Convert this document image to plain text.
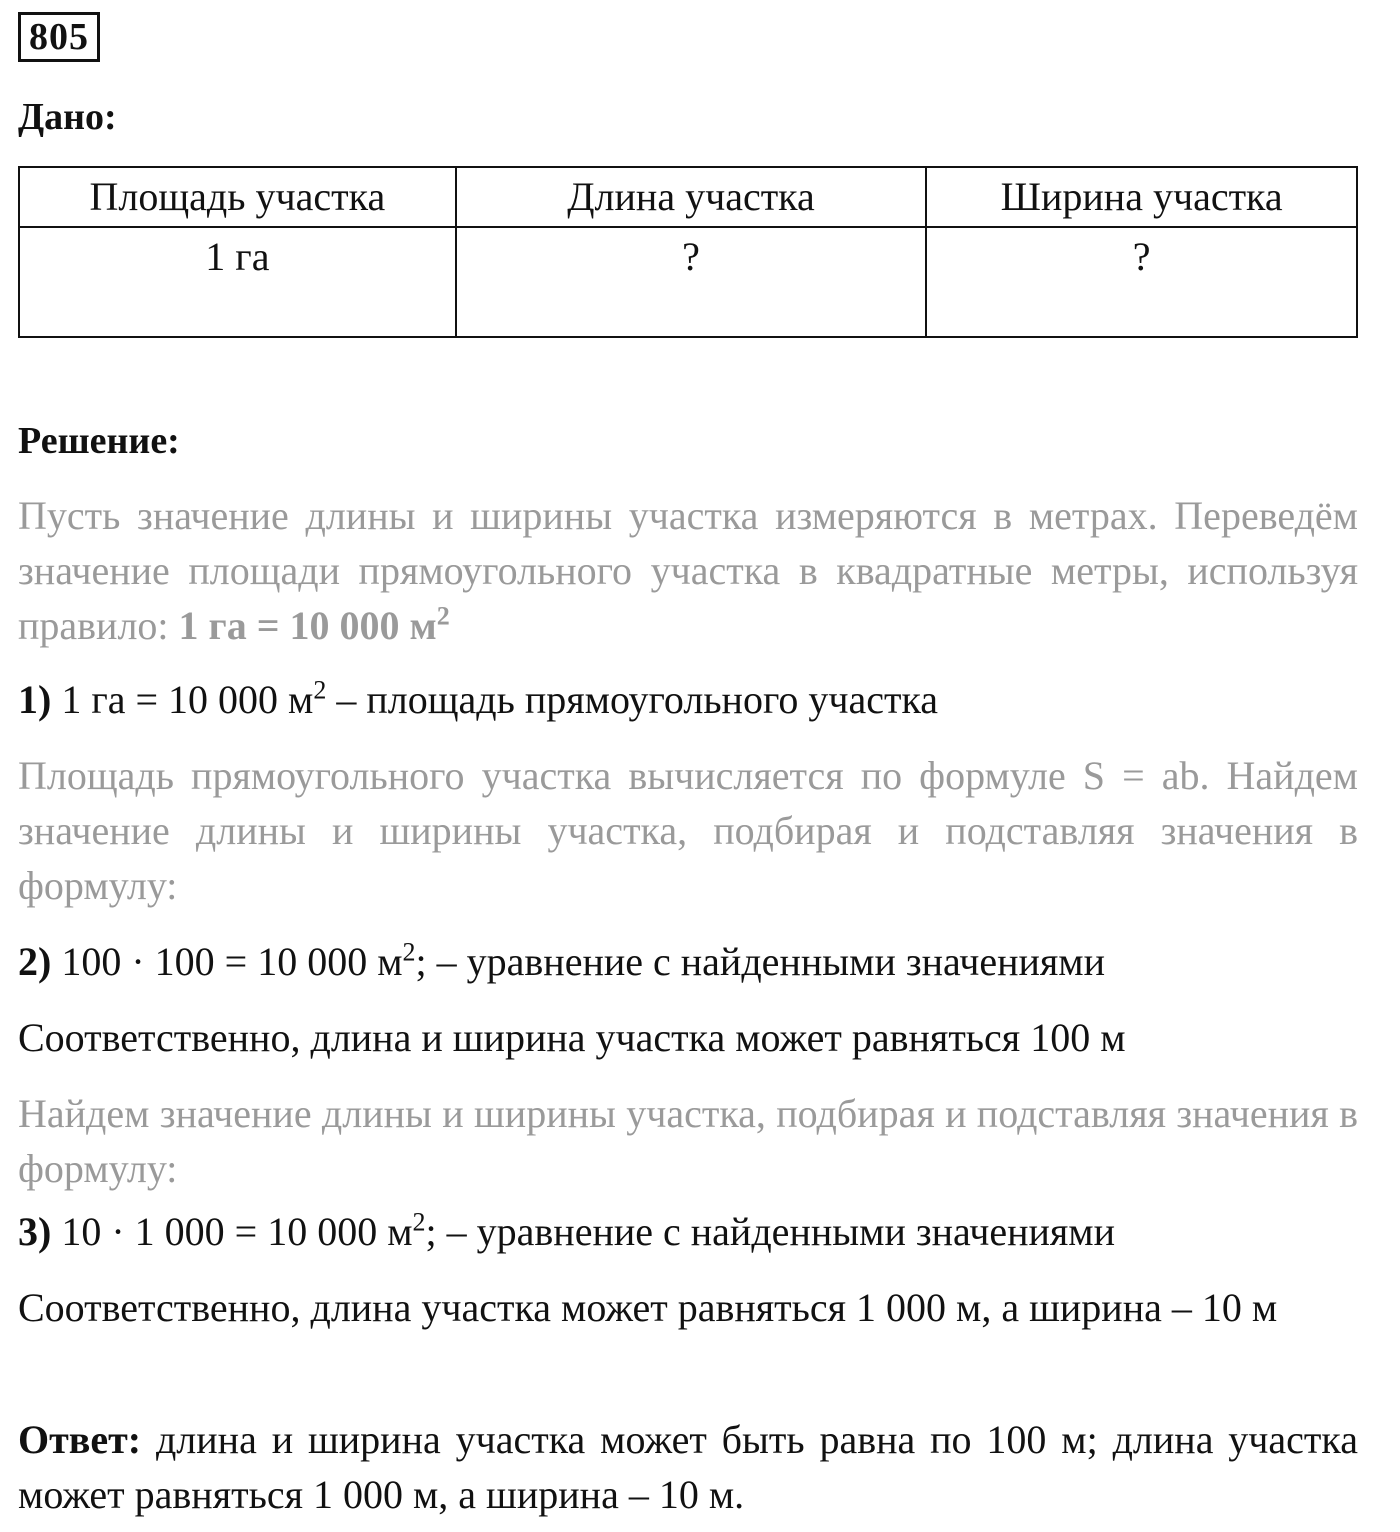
805
Дано:
Площадь участка	Длина участка	Ширина участка
1 га	?	?
Решение:
Пусть значение длины и ширины участка измеряются в метрах. Переведём значение площади прямоугольного участка в квадратные метры, используя правило: 1 га = 10 000 $м^2$
1) 1 га = 10 000 $м^2$ – площадь прямоугольного участка
Площадь прямоугольного участка вычисляется по формуле S = ab. Найдем значение длины и ширины участка, подбирая и подставляя значения в формулу:
2) 100 · 100 = 10 000 $м^2$; – уравнение с найденными значениями
Соответственно, длина и ширина участка может равняться 100 м
Найдем значение длины и ширины участка, подбирая и подставляя значения в формулу:
3) 10 · 1 000 = 10 000 $м^2$; – уравнение с найденными значениями
Соответственно, длина участка может равняться 1 000 м, а ширина – 10 м
Ответ: длина и ширина участка может быть равна по 100 м; длина участка может равняться 1 000 м, а ширина – 10 м.
